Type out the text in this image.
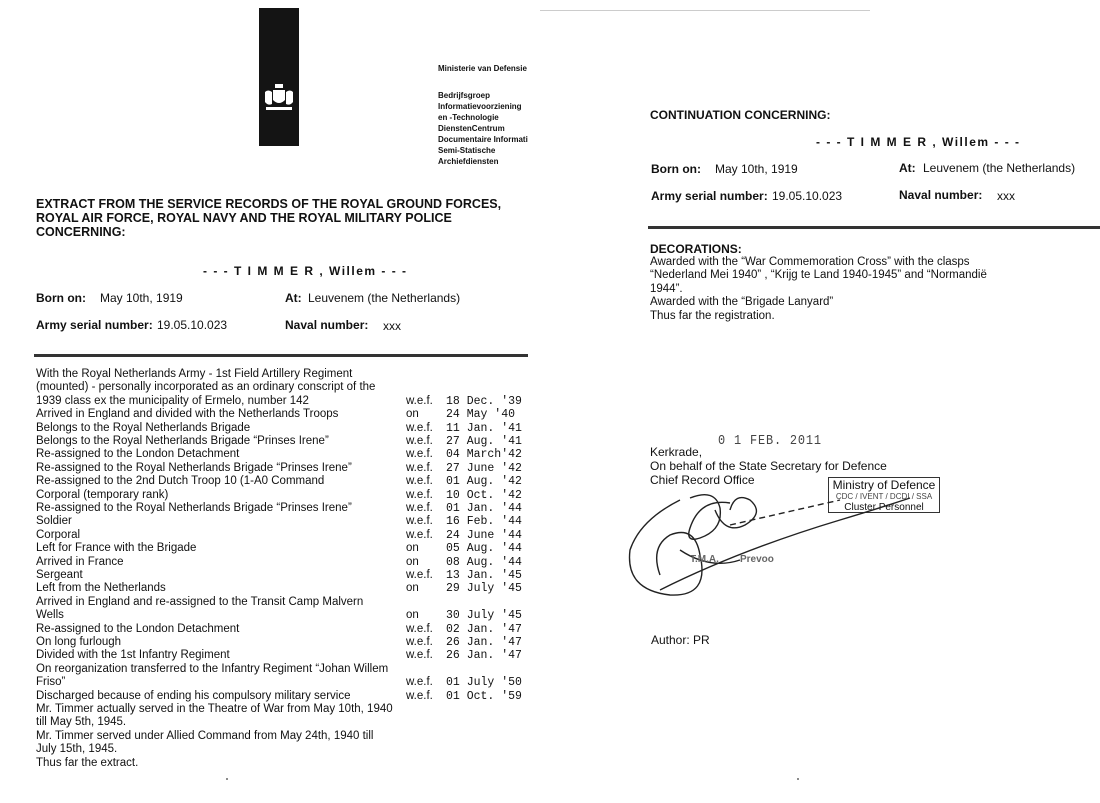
Ministerie van Defensie
Bedrijfsgroep
Informatievoorziening
en -Technologie
DienstenCentrum
Documentaire Informati
Semi-Statische
Archiefdiensten
EXTRACT FROM THE SERVICE RECORDS OF THE ROYAL GROUND FORCES,
ROYAL AIR FORCE, ROYAL NAVY AND THE ROYAL MILITARY POLICE
CONCERNING:
- - - T I M M E R , Willem - - -
Born on: May 10th, 1919	At: Leuvenem (the Netherlands)
Army serial number: 19.05.10.023	Naval number: xxx
With the Royal Netherlands Army - 1st Field Artillery Regiment
(mounted) - personally incorporated as an ordinary conscript of the
1939 class ex the municipality of Ermelo, number 142	w.e.f. 18 Dec. '39
Arrived in England and divided with the Netherlands Troops	on 24 May '40
Belongs to the Royal Netherlands Brigade	w.e.f. 11 Jan. '41
Belongs to the Royal Netherlands Brigade “Prinses Irene”	w.e.f. 27 Aug. '41
Re-assigned to the London Detachment	w.e.f. 04 March'42
Re-assigned to the Royal Netherlands Brigade “Prinses Irene”	w.e.f. 27 June '42
Re-assigned to the 2nd Dutch Troop 10 (1-A0 Command	w.e.f. 01 Aug. '42
Corporal (temporary rank)	w.e.f. 10 Oct. '42
Re-assigned to the Royal Netherlands Brigade “Prinses Irene”	w.e.f. 01 Jan. '44
Soldier	w.e.f. 16 Feb. '44
Corporal	w.e.f. 24 June '44
Left for France with the Brigade	on 05 Aug. '44
Arrived in France	on 08 Aug. '44
Sergeant	w.e.f. 13 Jan. '45
Left from the Netherlands	on 29 July '45
Arrived in England and re-assigned to the Transit Camp Malvern
Wells	on 30 July '45
Re-assigned to the London Detachment	w.e.f. 02 Jan. '47
On long furlough	w.e.f. 26 Jan. '47
Divided with the 1st Infantry Regiment	w.e.f. 26 Jan. '47
On reorganization transferred to the Infantry Regiment “Johan Willem
Friso”	w.e.f. 01 July '50
Discharged because of ending his compulsory military service	w.e.f. 01 Oct. '59
Mr. Timmer actually served in the Theatre of War from May 10th, 1940
till May 5th, 1945.
Mr. Timmer served under Allied Command from May 24th, 1940 till
July 15th, 1945.
Thus far the extract.
CONTINUATION CONCERNING:
- - - T I M M E R , Willem - - -
Born on: May 10th, 1919	At: Leuvenem (the Netherlands)
Army serial number: 19.05.10.023	Naval number: xxx
DECORATIONS:
Awarded with the “War Commemoration Cross” with the clasps
“Nederland Mei 1940” , “Krijg te Land 1940-1945” and “Normandië
1944”.
Awarded with the “Brigade Lanyard”
Thus far the registration.
0 1 FEB. 2011
Kerkrade,
On behalf of the State Secretary for Defence
Chief Record Office	Ministry of Defence
CDC / IVENT / DCDI / SSA
Cluster Personnel
T.M.A. Prevoo
Author: PR
